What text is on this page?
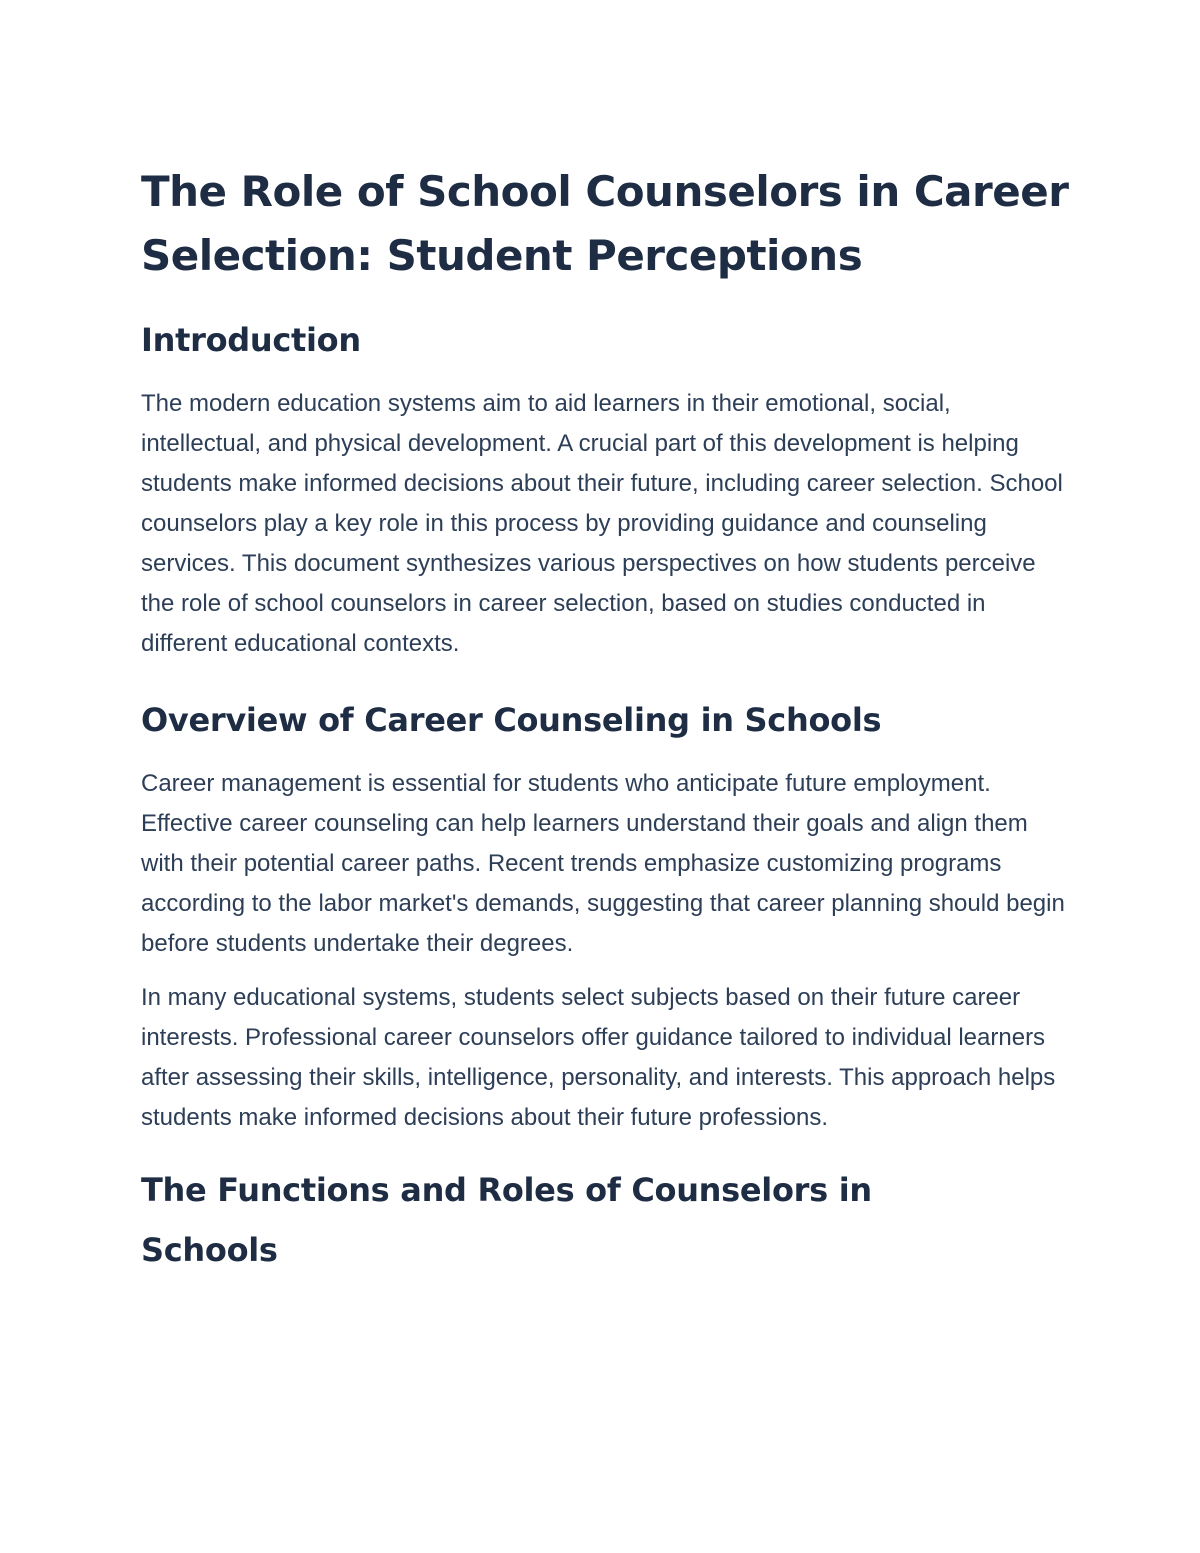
The Role of School Counselors in Career
Selection: Student Perceptions
Introduction

The modern education systems aim to aid learners in their emotional, social, intellectual, and physical development. A crucial part of this development is helping students make informed decisions about their future, including career selection. School counselors play a key role in this process by providing guidance and counseling services. This document synthesizes various perspectives on how students perceive the role of school counselors in career selection, based on studies conducted in different educational contexts.

Overview of Career Counseling in Schools

Career management is essential for students who anticipate future employment. Effective career counseling can help learners understand their goals and align them with their potential career paths. Recent trends emphasize customizing programs according to the labor market's demands, suggesting that career planning should begin before students undertake their degrees.

In many educational systems, students select subjects based on their future career interests. Professional career counselors offer guidance tailored to individual learners after assessing their skills, intelligence, personality, and interests. This approach helps students make informed decisions about their future professions.

The Functions and Roles of Counselors in
Schools
